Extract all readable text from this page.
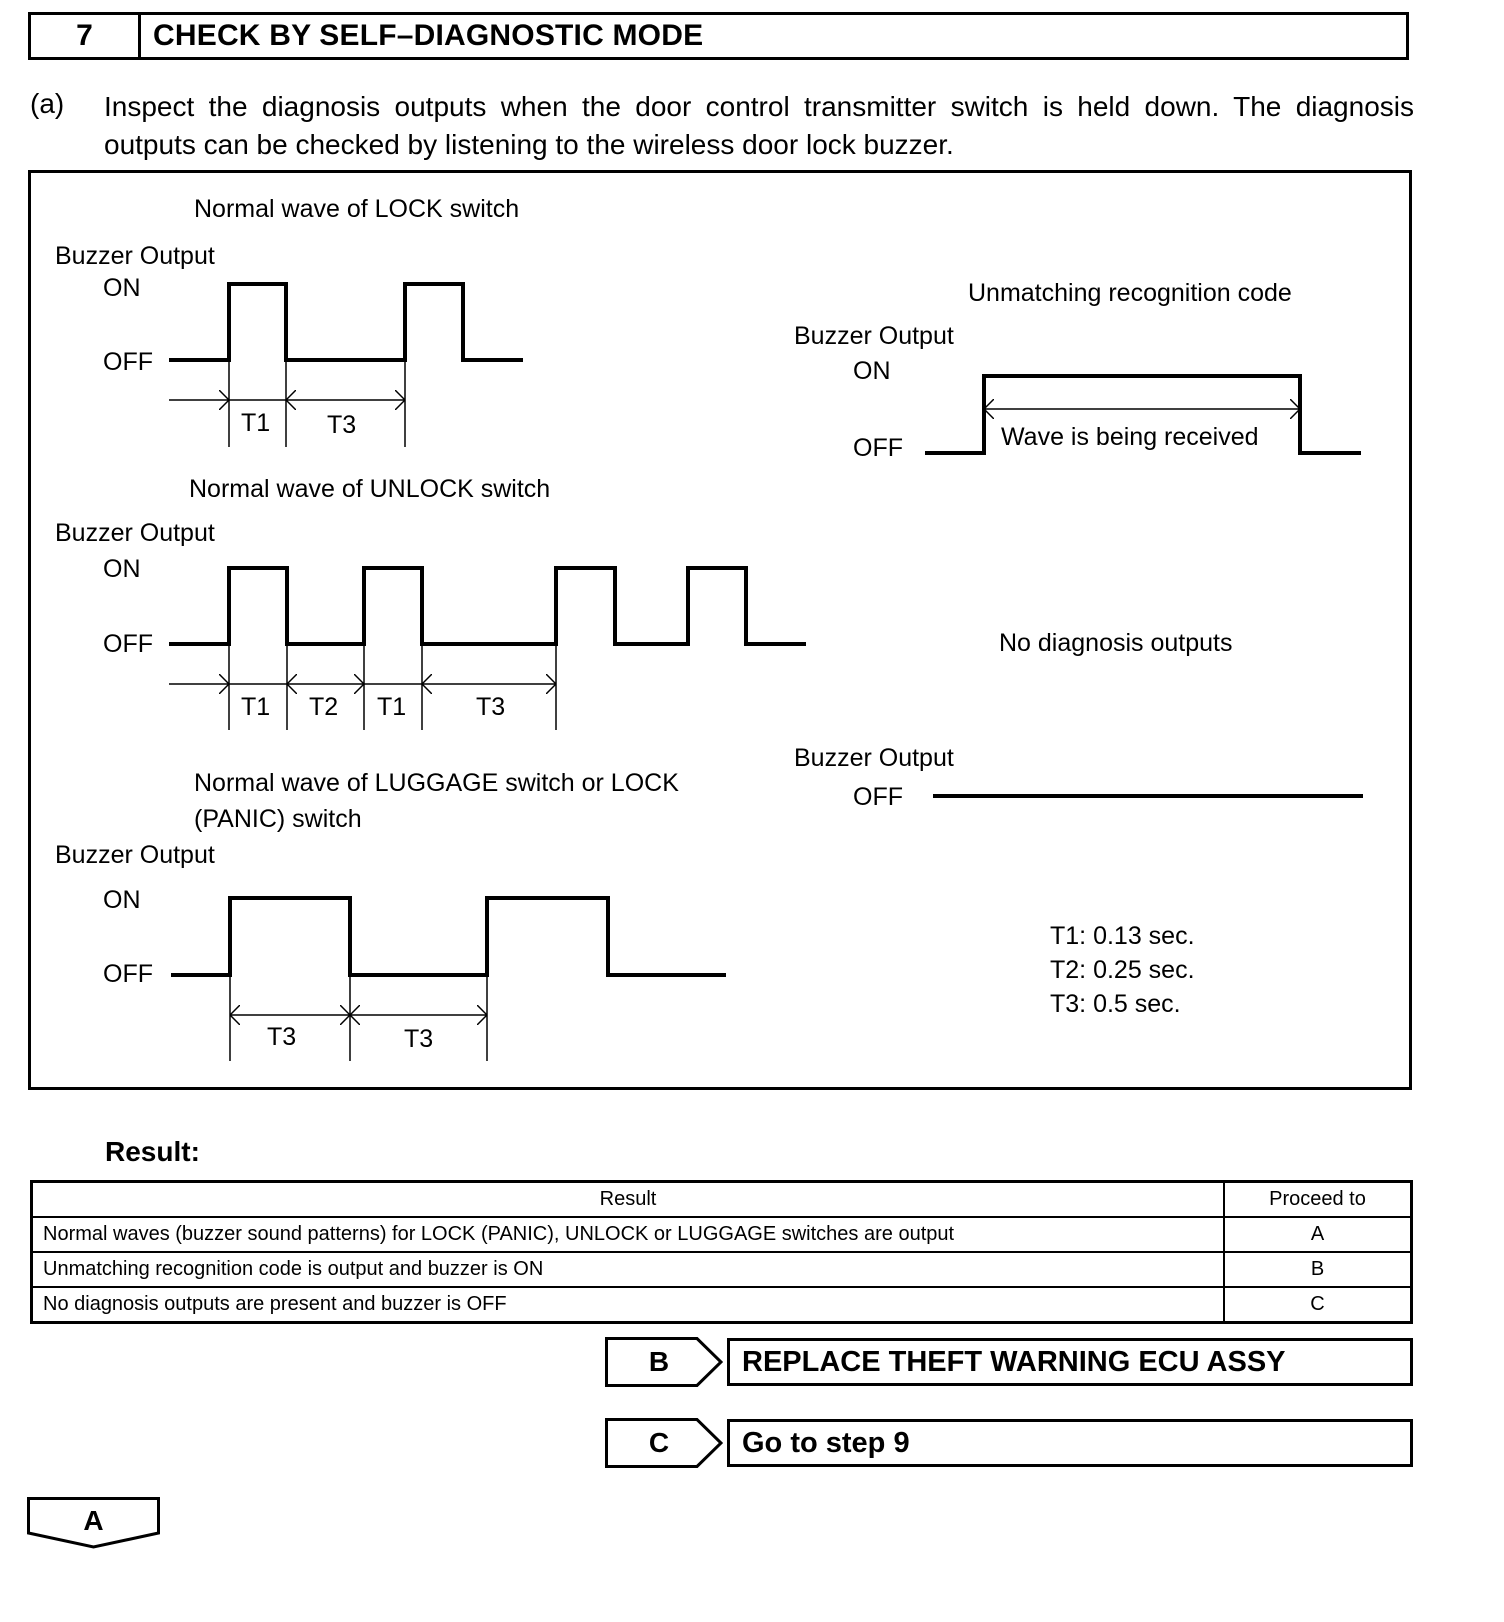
7	CHECK BY SELF–DIAGNOSTIC MODE
(a) Inspect the diagnosis outputs when the door control transmitter switch is held down. The diagnosis outputs can be checked by listening to the wireless door lock buzzer.
Normal wave of LOCK switch
Buzzer Output
ON
OFF
T1 T3
Normal wave of UNLOCK switch
Buzzer Output
ON
OFF
T1 T2 T1	T3
Normal wave of LUGGAGE switch or LOCK
(PANIC) switch
Buzzer Output
ON
OFF
T3	T3
Unmatching recognition code
Buzzer Output
ON
OFF	Wave is being received
No diagnosis outputs
Buzzer Output
OFF
T1: 0.13 sec.
T2: 0.25 sec.
T3: 0.5 sec.
Result:
Result	Proceed to
Normal waves (buzzer sound patterns) for LOCK (PANIC), UNLOCK or LUGGAGE switches are output	A
Unmatching recognition code is output and buzzer is ON	B
No diagnosis outputs are present and buzzer is OFF	C
B	REPLACE THEFT WARNING ECU ASSY
C	Go to step 9
A
